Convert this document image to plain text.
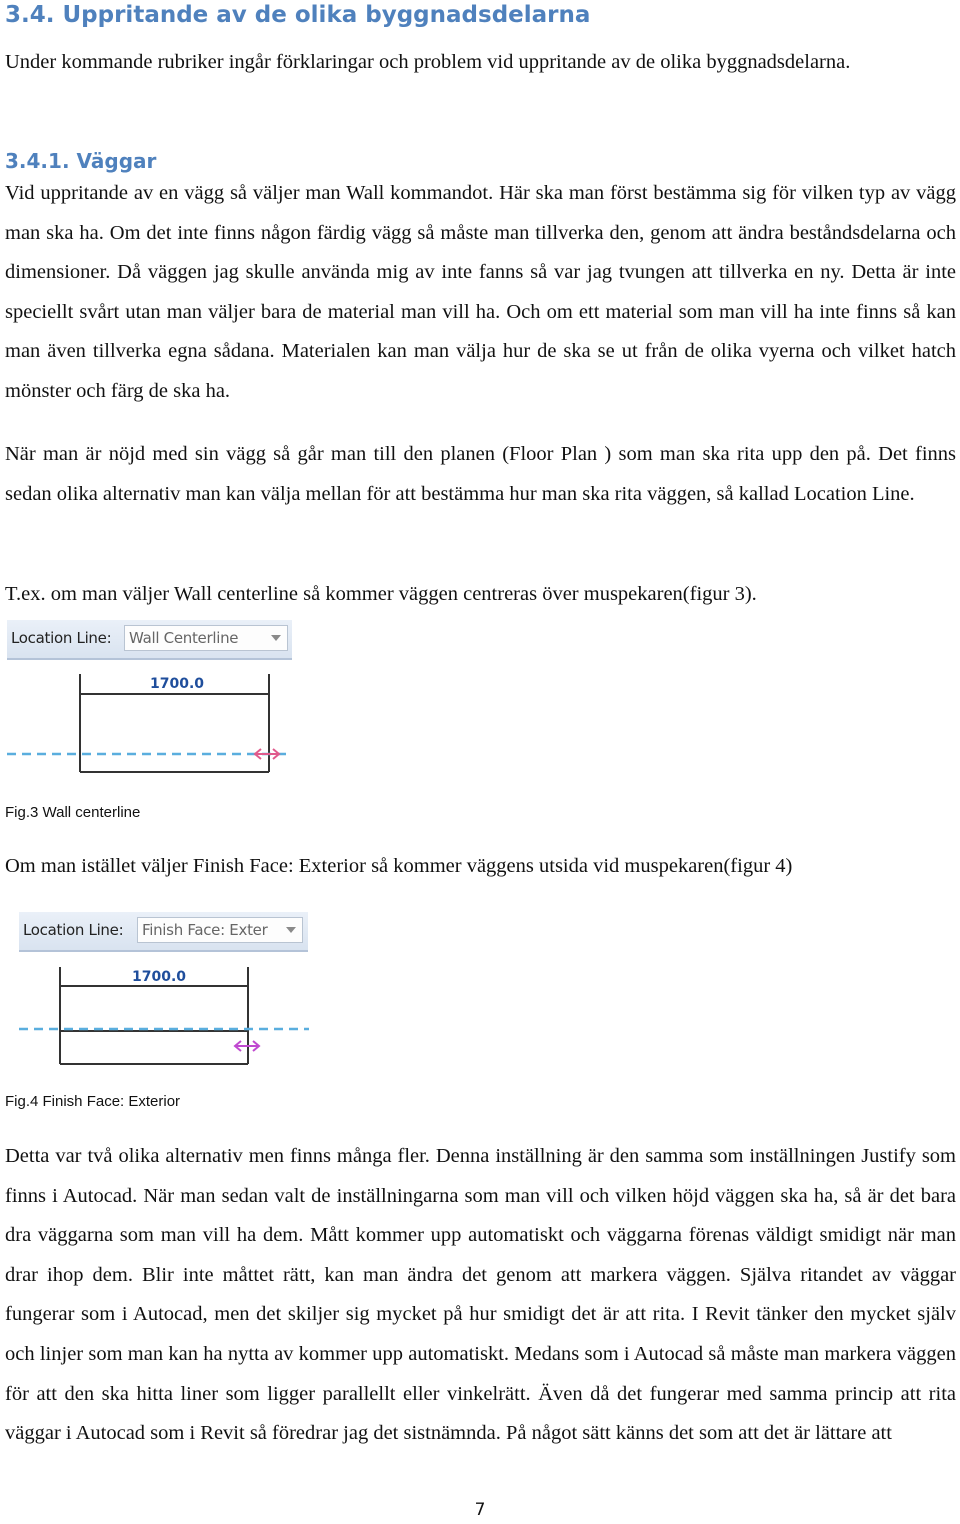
3.4. Uppritande av de olika byggnadsdelarna

Under kommande rubriker ingår förklaringar och problem vid uppritande av de olika byggnadsdelarna.

3.4.1. Väggar

Vid uppritande av en vägg så väljer man Wall kommandot. Här ska man först bestämma sig för vilken typ av vägg man ska ha. Om det inte finns någon färdig vägg så måste man tillverka den, genom att ändra beståndsdelarna och dimensioner. Då väggen jag skulle använda mig av inte fanns så var jag tvungen att tillverka en ny. Detta är inte speciellt svårt utan man väljer bara de material man vill ha. Och om ett material som man vill ha inte finns så kan man även tillverka egna sådana. Materialen kan man välja hur de ska se ut från de olika vyerna och vilket hatch mönster och färg de ska ha.

När man är nöjd med sin vägg så går man till den planen (Floor Plan ) som man ska rita upp den på. Det finns sedan olika alternativ man kan välja mellan för att bestämma hur man ska rita väggen, så kallad Location Line.

T.ex. om man väljer Wall centerline så kommer väggen centreras över muspekaren(figur 3).

Location Line:	Wall Centerline
1700.0
Fig.3 Wall centerline

Om man istället väljer Finish Face: Exterior så kommer väggens utsida vid muspekaren(figur 4)

Location Line:	Finish Face: Exter
1700.0
Fig.4 Finish Face: Exterior

Detta var två olika alternativ men finns många fler. Denna inställning är den samma som inställningen Justify som finns i Autocad. När man sedan valt de inställningarna som man vill och vilken höjd väggen ska ha, så är det bara dra väggarna som man vill ha dem. Mått kommer upp automatiskt och väggarna förenas väldigt smidigt när man drar ihop dem. Blir inte måttet rätt, kan man ändra det genom att markera väggen. Själva ritandet av väggar fungerar som i Autocad, men det skiljer sig mycket på hur smidigt det är att rita. I Revit tänker den mycket själv och linjer som man kan ha nytta av kommer upp automatiskt. Medans som i Autocad så måste man markera väggen för att den ska hitta liner som ligger parallellt eller vinkelrätt. Även då det fungerar med samma princip att rita väggar i Autocad som i Revit så föredrar jag det sistnämnda. På något sätt känns det som att det är lättare att

7
